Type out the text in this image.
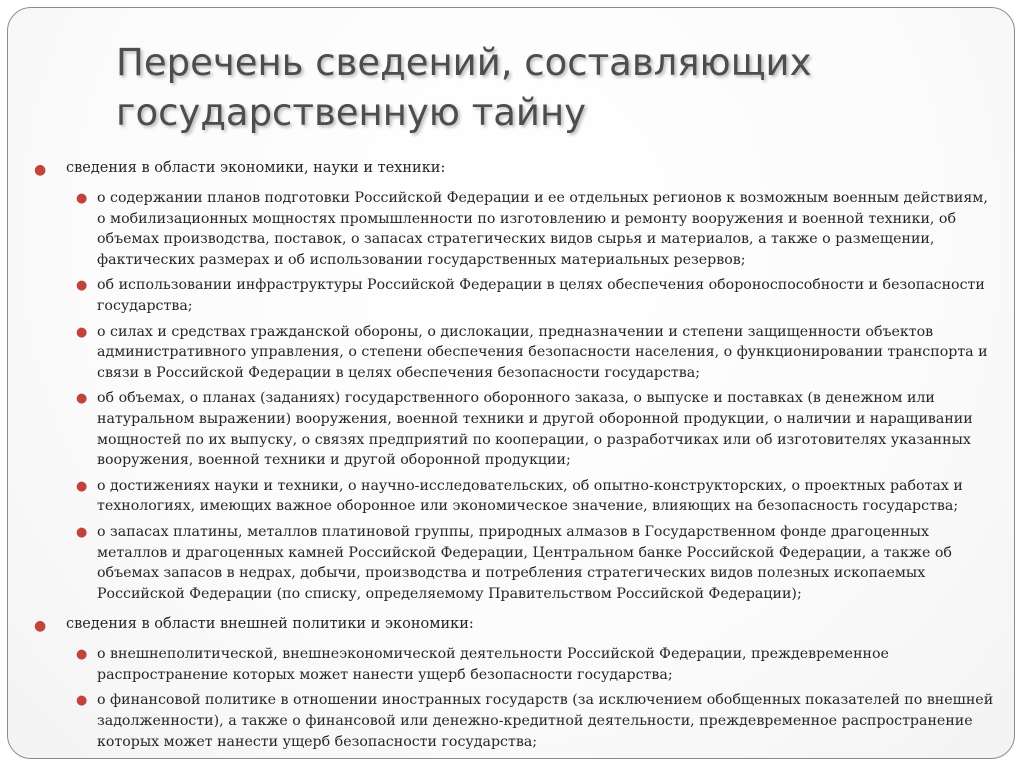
Перечень сведений, составляющих
государственную тайну
● сведения в области экономики, науки и техники:
● о содержании планов подготовки Российской Федерации и ее отдельных регионов к возможным военным действиям, о мобилизационных мощностях промышленности по изготовлению и ремонту вооружения и военной техники, об объемах производства, поставок, о запасах стратегических видов сырья и материалов, а также о размещении, фактических размерах и об использовании государственных материальных резервов;
● об использовании инфраструктуры Российской Федерации в целях обеспечения обороноспособности и безопасности государства;
● о силах и средствах гражданской обороны, о дислокации, предназначении и степени защищенности объектов административного управления, о степени обеспечения безопасности населения, о функционировании транспорта и связи в Российской Федерации в целях обеспечения безопасности государства;
● об объемах, о планах (заданиях) государственного оборонного заказа, о выпуске и поставках (в денежном или натуральном выражении) вооружения, военной техники и другой оборонной продукции, о наличии и наращивании мощностей по их выпуску, о связях предприятий по кооперации, о разработчиках или об изготовителях указанных вооружения, военной техники и другой оборонной продукции;
● о достижениях науки и техники, о научно-исследовательских, об опытно-конструкторских, о проектных работах и технологиях, имеющих важное оборонное или экономическое значение, влияющих на безопасность государства;
● о запасах платины, металлов платиновой группы, природных алмазов в Государственном фонде драгоценных металлов и драгоценных камней Российской Федерации, Центральном банке Российской Федерации, а также об объемах запасов в недрах, добычи, производства и потребления стратегических видов полезных ископаемых Российской Федерации (по списку, определяемому Правительством Российской Федерации);
● сведения в области внешней политики и экономики:
● о внешнеполитической, внешнеэкономической деятельности Российской Федерации, преждевременное распространение которых может нанести ущерб безопасности государства;
● о финансовой политике в отношении иностранных государств (за исключением обобщенных показателей по внешней задолженности), а также о финансовой или денежно-кредитной деятельности, преждевременное распространение которых может нанести ущерб безопасности государства;
